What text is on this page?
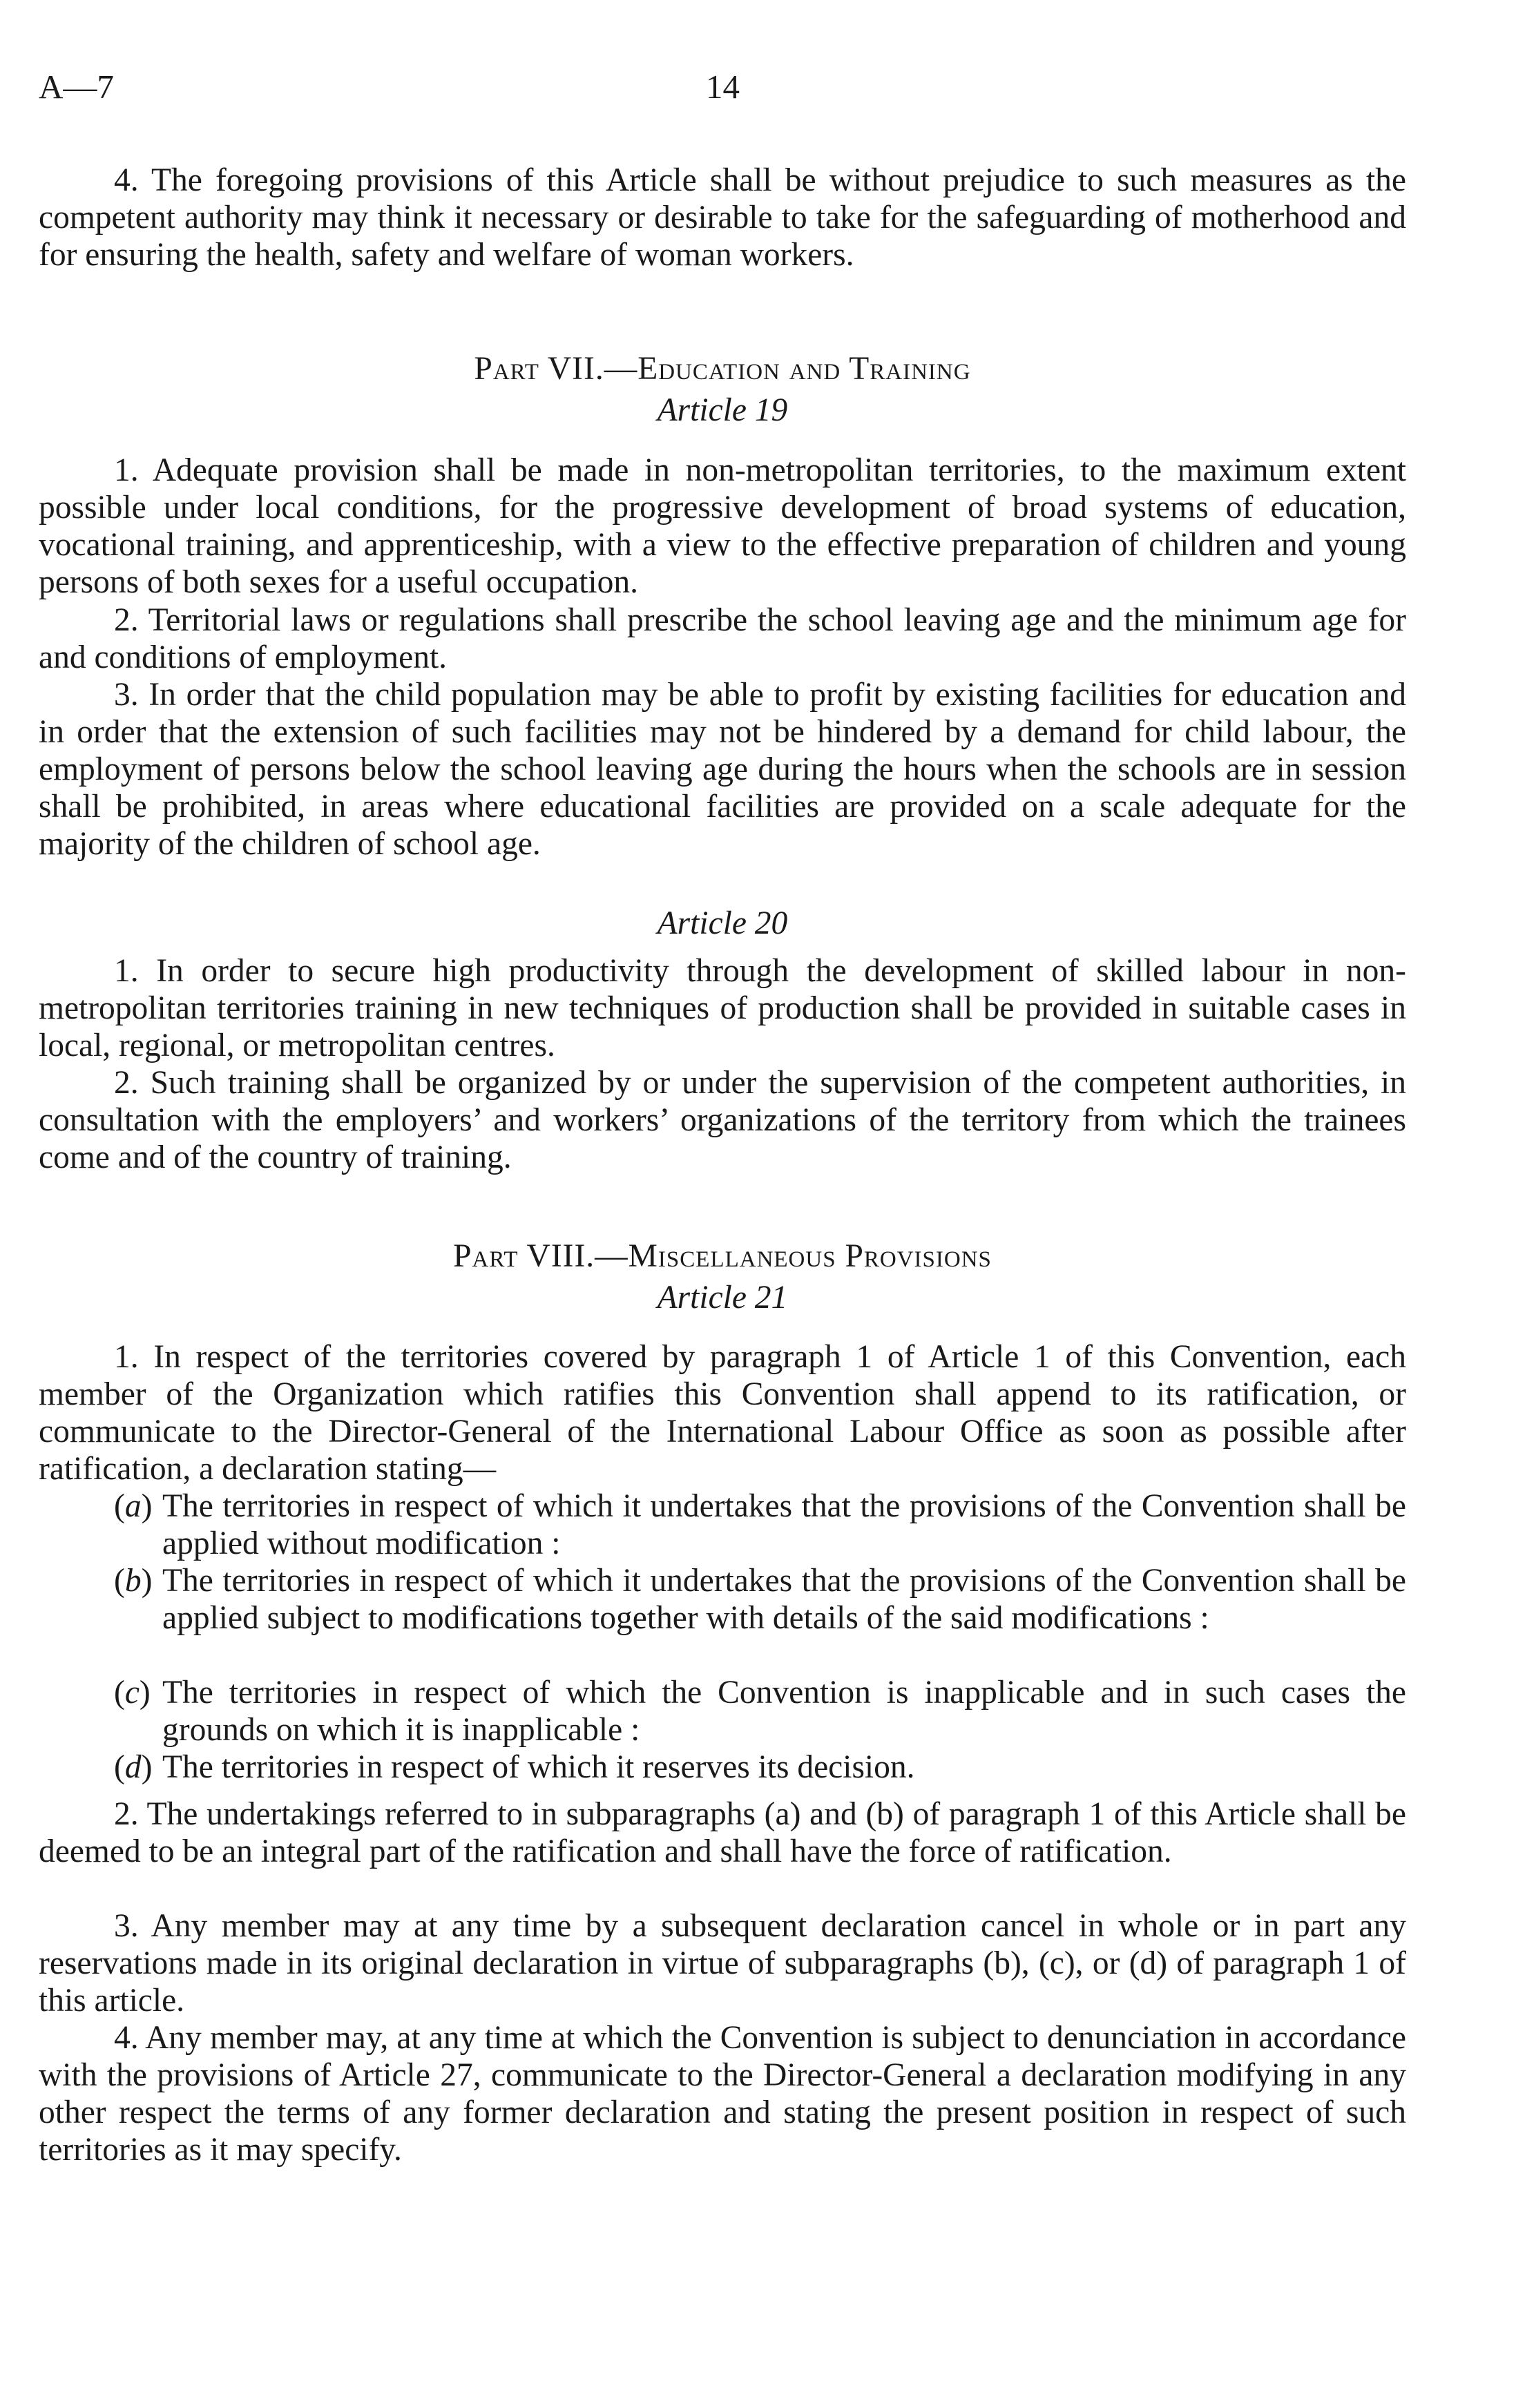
A—7	14

4. The foregoing provisions of this Article shall be without prejudice to such measures as the competent authority may think it necessary or desirable to take for the safeguarding of motherhood and for ensuring the health, safety and welfare of woman workers.

Part VII.—Education and Training
Article 19

1. Adequate provision shall be made in non-metropolitan territories, to the maximum extent possible under local conditions, for the progressive development of broad systems of education, vocational training, and apprenticeship, with a view to the effective preparation of children and young persons of both sexes for a useful occupation.

2. Territorial laws or regulations shall prescribe the school leaving age and the minimum age for and conditions of employment.

3. In order that the child population may be able to profit by existing facilities for education and in order that the extension of such facilities may not be hindered by a demand for child labour, the employment of persons below the school leaving age during the hours when the schools are in session shall be prohibited, in areas where educational facilities are provided on a scale adequate for the majority of the children of school age.

Article 20

1. In order to secure high productivity through the development of skilled labour in non-metropolitan territories training in new techniques of production shall be provided in suitable cases in local, regional, or metropolitan centres.

2. Such training shall be organized by or under the supervision of the competent authorities, in consultation with the employers’ and workers’ organizations of the territory from which the trainees come and of the country of training.

Part VIII.—Miscellaneous Provisions
Article 21

1. In respect of the territories covered by paragraph 1 of Article 1 of this Convention, each member of the Organization which ratifies this Convention shall append to its ratification, or communicate to the Director-General of the International Labour Office as soon as possible after ratification, a declaration stating—

(a) The territories in respect of which it undertakes that the provisions of the Convention shall be applied without modification :

(b) The territories in respect of which it undertakes that the provisions of the Convention shall be applied subject to modifications together with details of the said modifications :

(c) The territories in respect of which the Convention is inapplicable and in such cases the grounds on which it is inapplicable :

(d) The territories in respect of which it reserves its decision.

2. The undertakings referred to in subparagraphs (a) and (b) of paragraph 1 of this Article shall be deemed to be an integral part of the ratification and shall have the force of ratification.

3. Any member may at any time by a subsequent declaration cancel in whole or in part any reservations made in its original declaration in virtue of subparagraphs (b), (c), or (d) of paragraph 1 of this article.

4. Any member may, at any time at which the Convention is subject to denunciation in accordance with the provisions of Article 27, communicate to the Director-General a declaration modifying in any other respect the terms of any former declaration and stating the present position in respect of such territories as it may specify.
